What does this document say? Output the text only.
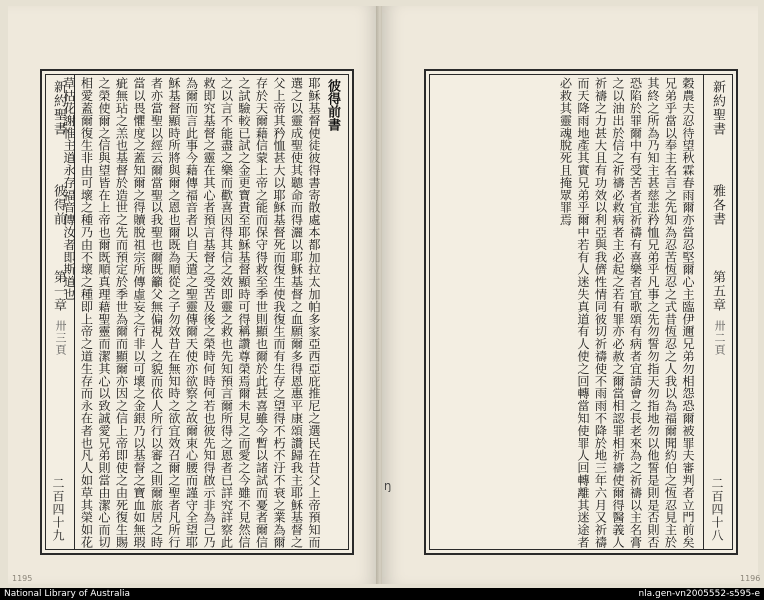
新約聖書
彼得前
第一章
卅三頁
二百四十九
彼得前書
耶穌基督使徒彼得書寄散處本都加拉太加帕多家亞西亞庇推尼之選民在昔父上帝預知而選之以靈成聖使其聽命而得灑以耶穌基督之血願爾多得恩惠平康頌讚歸我主耶穌基督之父上帝其矜恤甚大以耶穌基督死而復生使我復生而有生存之望得不朽不汙不衰之業為爾存於天爾藉信蒙上帝之能而保守得救至季世則顯也爾於此甚喜雖今暫以諸試而憂者爾信之試驗較已試之金更寶貴至耶穌基督顯時可得稱讚尊榮焉爾未見之而愛之今雖不見然信之以言不能盡之樂而歡喜因得其信之效即靈之救也先知預言爾所得之恩者已詳究詳察此救即究基督之靈在其心者預言基督之受苦及後之榮時何時何若也彼先知得啟示非為己乃為爾而言此事今藉傳福音者以自天遣之聖靈傳爾天使亦欲察之故爾束心腰而謹守全望耶穌基督顯時所將與爾之恩也爾既為順從之子勿效昔在無知時之欲宜效召爾之聖者凡所行者亦當聖以經云爾當聖以我聖也爾既籲父無偏視人之貌而依人所行以審之則爾旅居之時當以畏懼度之蓋知爾之得贖脫祖宗所傳虛妄之行非以可壞之金銀乃以基督之寶血如無瑕疵無玷之羔也基督於造世之先而預定於季世為爾而顯爾亦因之信上帝即使之由死復生賜之榮使爾之信與望皆在上帝也爾既順真理藉聖靈而潔其心以致誠愛兄弟則當由潔心而切相愛蓋爾復生非由可壞之種乃由不壞之種即上帝之道生存而永在者也凡人如草其榮如花草枯花謝惟主道永存福音傳汝者即斯道也	穀農夫忍待望秋霖春雨爾亦當忍堅爾心主臨伊邇兄弟勿相怨恐爾被罪夫審判者立門前矣兄弟乎當以奉主名言之先知為忍苦恆忍之式昔恆忍之人我以為福爾聞約伯之恆忍見主於其終之所為乃知主甚慈悲矜恤兄弟乎凡事之先勿誓勿指天勿指地勿以他誓是則是否則否恐陷於罪爾中有受苦者宜祈禱有喜樂者宜歌頌有病者宜請會之長老來為之祈禱以主名膏之以油出於信之祈禱必救病者主必起之若有罪亦必赦之爾當相認罪相祈禱使爾得醫義人祈禱之力甚大且有功效以利亞與我儕性情同彼切祈禱使不雨雨不降於地三年六月又祈禱而天降雨地產其實兄弟乎爾中若有人迷失真道有人使之回轉當知使罪人回轉離其迷途者必救其靈魂脫死且掩眾罪焉	新約聖書
雅各書
第五章
卅二頁
二百四十八
1195	1196
Ŋ
National Library of Australia	nla.gen-vn2005552-s595-e
